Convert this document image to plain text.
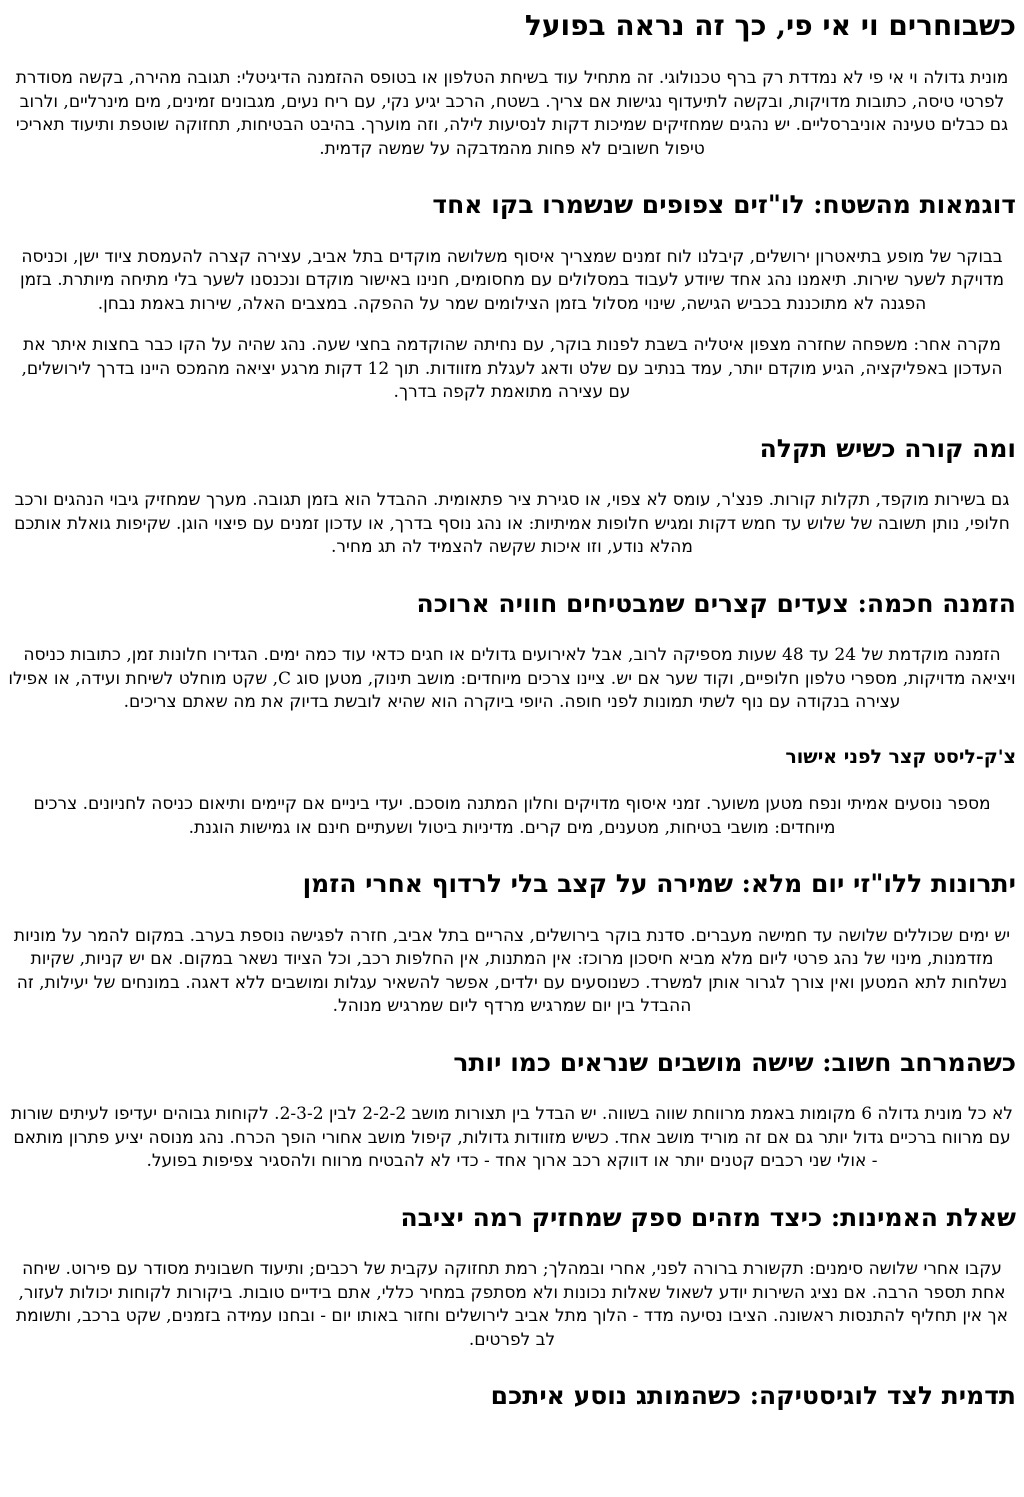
כשבוחרים וי אי פי, כך זה נראה בפועל

מונית גדולה וי אי פי לא נמדדת רק ברף טכנולוגי. זה מתחיל עוד בשיחת הטלפון או בטופס ההזמנה הדיגיטלי: תגובה מהירה, בקשה מסודרת לפרטי טיסה, כתובות מדויקות, ובקשה לתיעדוף נגישות אם צריך. בשטח, הרכב יגיע נקי, עם ריח נעים, מגבונים זמינים, מים מינרליים, ולרוב גם כבלים טעינה אוניברסליים. יש נהגים שמחזיקים שמיכות דקות לנסיעות לילה, וזה מוערך. בהיבט הבטיחות, תחזוקה שוטפת ותיעוד תאריכי טיפול חשובים לא פחות מהמדבקה על שמשה קדמית.

דוגמאות מהשטח: לו"זים צפופים שנשמרו בקו אחד

בבוקר של מופע בתיאטרון ירושלים, קיבלנו לוח זמנים שמצריך איסוף משלושה מוקדים בתל אביב, עצירה קצרה להעמסת ציוד ישן, וכניסה מדויקת לשער שירות. תיאמנו נהג אחד שיודע לעבוד במסלולים עם מחסומים, חנינו באישור מוקדם ונכנסנו לשער בלי מתיחה מיותרת. בזמן הפגנה לא מתוכננת בכביש הגישה, שינוי מסלול בזמן הצילומים שמר על ההפקה. במצבים האלה, שירות באמת נבחן.

מקרה אחר: משפחה שחזרה מצפון איטליה בשבת לפנות בוקר, עם נחיתה שהוקדמה בחצי שעה. נהג שהיה על הקו כבר בחצות איתר את העדכון באפליקציה, הגיע מוקדם יותר, עמד בנתיב עם שלט ודאג לעגלת מזוודות. תוך 12 דקות מרגע יציאה מהמכס היינו בדרך לירושלים, עם עצירה מתואמת לקפה בדרך.

ומה קורה כשיש תקלה

גם בשירות מוקפד, תקלות קורות. פנצ'ר, עומס לא צפוי, או סגירת ציר פתאומית. ההבדל הוא בזמן תגובה. מערך שמחזיק גיבוי הנהגים ורכב חלופי, נותן תשובה של שלוש עד חמש דקות ומגיש חלופות אמיתיות: או נהג נוסף בדרך, או עדכון זמנים עם פיצוי הוגן. שקיפות גואלת אותכם מהלא נודע, וזו איכות שקשה להצמיד לה תג מחיר.

הזמנה חכמה: צעדים קצרים שמבטיחים חוויה ארוכה

הזמנה מוקדמת של 24 עד 48 שעות מספיקה לרוב, אבל לאירועים גדולים או חגים כדאי עוד כמה ימים. הגדירו חלונות זמן, כתובות כניסה ויציאה מדויקות, מספרי טלפון חלופיים, וקוד שער אם יש. ציינו צרכים מיוחדים: מושב תינוק, מטען סוג C, שקט מוחלט לשיחת ועידה, או אפילו עצירה בנקודה עם נוף לשתי תמונות לפני חופה. היופי ביוקרה הוא שהיא לובשת בדיוק את מה שאתם צריכים.

צ'ק-ליסט קצר לפני אישור

מספר נוסעים אמיתי ונפח מטען משוער. זמני איסוף מדויקים וחלון המתנה מוסכם. יעדי ביניים אם קיימים ותיאום כניסה לחניונים. צרכים מיוחדים: מושבי בטיחות, מטענים, מים קרים. מדיניות ביטול ושעתיים חינם או גמישות הוגנת.

יתרונות ללו"זי יום מלא: שמירה על קצב בלי לרדוף אחרי הזמן

יש ימים שכוללים שלושה עד חמישה מעברים. סדנת בוקר בירושלים, צהריים בתל אביב, חזרה לפגישה נוספת בערב. במקום להמר על מוניות מזדמנות, מינוי של נהג פרטי ליום מלא מביא חיסכון מרוכז: אין המתנות, אין החלפות רכב, וכל הציוד נשאר במקום. אם יש קניות, שקיות נשלחות לתא המטען ואין צורך לגרור אותן למשרד. כשנוסעים עם ילדים, אפשר להשאיר עגלות ומושבים ללא דאגה. במונחים של יעילות, זה ההבדל בין יום שמרגיש מרדף ליום שמרגיש מנוהל.

כשהמרחב חשוב: שישה מושבים שנראים כמו יותר

לא כל מונית גדולה 6 מקומות באמת מרווחת שווה בשווה. יש הבדל בין תצורות מושב 2-2-2 לבין 2-3-2. לקוחות גבוהים יעדיפו לעיתים שורות עם מרווח ברכיים גדול יותר גם אם זה מוריד מושב אחד. כשיש מזוודות גדולות, קיפול מושב אחורי הופך הכרח. נהג מנוסה יציע פתרון מותאם - אולי שני רכבים קטנים יותר או דווקא רכב ארוך אחד - כדי לא להבטיח מרווח ולהסגיר צפיפות בפועל.

שאלת האמינות: כיצד מזהים ספק שמחזיק רמה יציבה

עקבו אחרי שלושה סימנים: תקשורת ברורה לפני, אחרי ובמהלך; רמת תחזוקה עקבית של רכבים; ותיעוד חשבונית מסודר עם פירוט. שיחה אחת תספר הרבה. אם נציג השירות יודע לשאול שאלות נכונות ולא מסתפק במחיר כללי, אתם בידיים טובות. ביקורות לקוחות יכולות לעזור, אך אין תחליף להתנסות ראשונה. הציבו נסיעה מדד - הלוך מתל אביב לירושלים וחזור באותו יום - ובחנו עמידה בזמנים, שקט ברכב, ותשומת לב לפרטים.

תדמית לצד לוגיסטיקה: כשהמותג נוסע איתכם
